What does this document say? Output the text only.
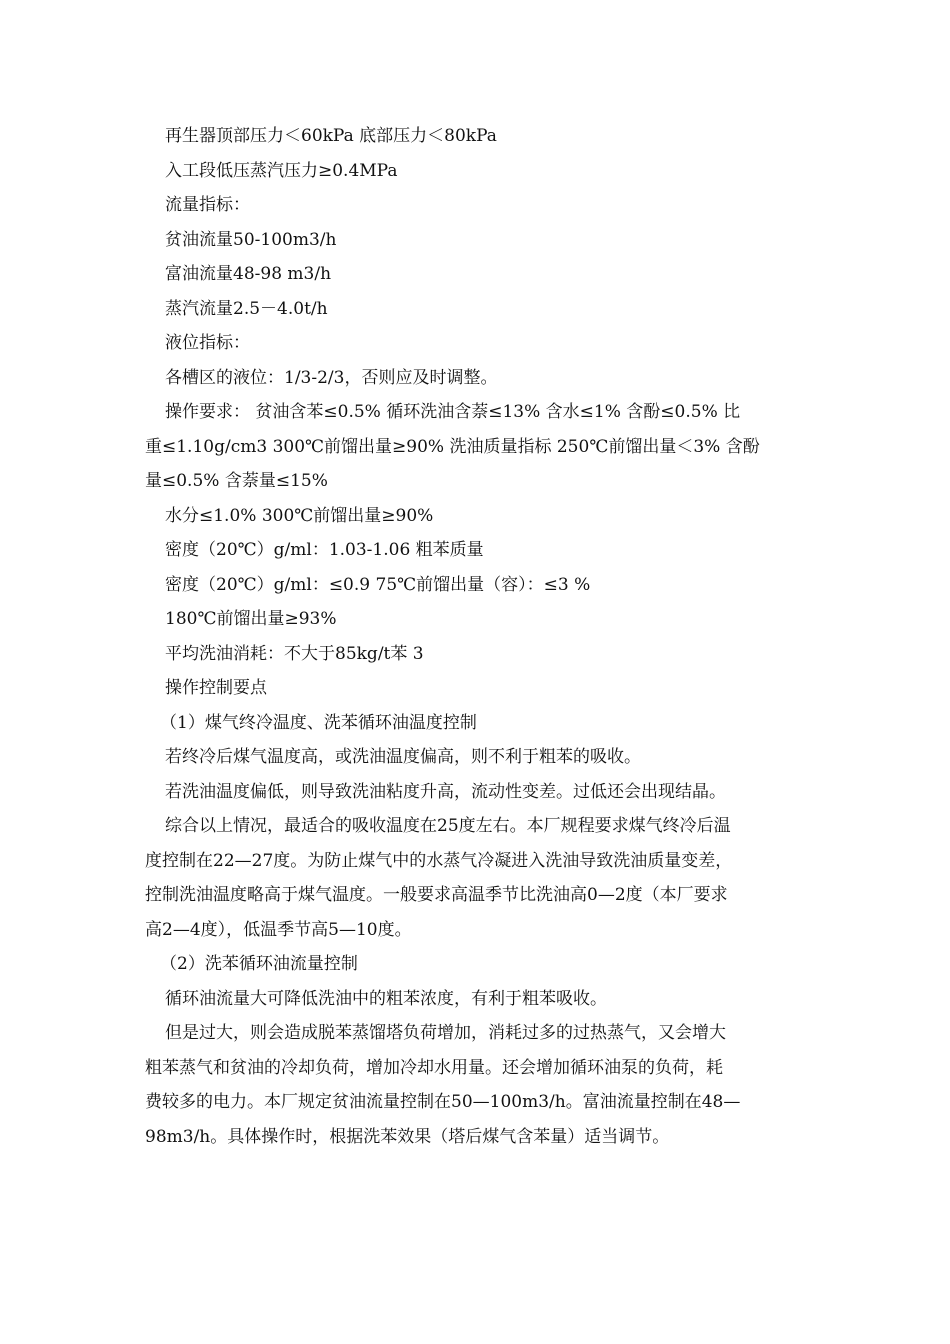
再生器顶部压力＜60kPa 底部压力＜80kPa
入工段低压蒸汽压力≥0.4MPa
流量指标：
贫油流量50-100m3/h
富油流量48-98 m3/h
蒸汽流量2.5－4.0t/h
液位指标：
各槽区的液位：1/3-2/3，否则应及时调整。
操作要求： 贫油含苯≤0.5% 循环洗油含萘≤13% 含水≤1% 含酚≤0.5% 比
重≤1.10g/cm3 300℃前馏出量≥90% 洗油质量指标 250℃前馏出量＜3% 含酚
量≤0.5% 含萘量≤15%
水分≤1.0% 300℃前馏出量≥90%
密度（20℃）g/ml：1.03-1.06 粗苯质量
密度（20℃）g/ml：≤0.9 75℃前馏出量（容）：≤3 %
180℃前馏出量≥93%
平均洗油消耗：不大于85kg/t苯 3
操作控制要点
（1）煤气终冷温度、洗苯循环油温度控制
若终冷后煤气温度高，或洗油温度偏高，则不利于粗苯的吸收。
若洗油温度偏低，则导致洗油粘度升高，流动性变差。过低还会出现结晶。
综合以上情况，最适合的吸收温度在25度左右。本厂规程要求煤气终冷后温
度控制在22—27度。为防止煤气中的水蒸气冷凝进入洗油导致洗油质量变差，
控制洗油温度略高于煤气温度。一般要求高温季节比洗油高0—2度（本厂要求
高2—4度），低温季节高5—10度。
（2）洗苯循环油流量控制
循环油流量大可降低洗油中的粗苯浓度，有利于粗苯吸收。
但是过大，则会造成脱苯蒸馏塔负荷增加，消耗过多的过热蒸气，又会增大
粗苯蒸气和贫油的冷却负荷，增加冷却水用量。还会增加循环油泵的负荷，耗
费较多的电力。本厂规定贫油流量控制在50—100m3/h。富油流量控制在48—
98m3/h。具体操作时，根据洗苯效果（塔后煤气含苯量）适当调节。
